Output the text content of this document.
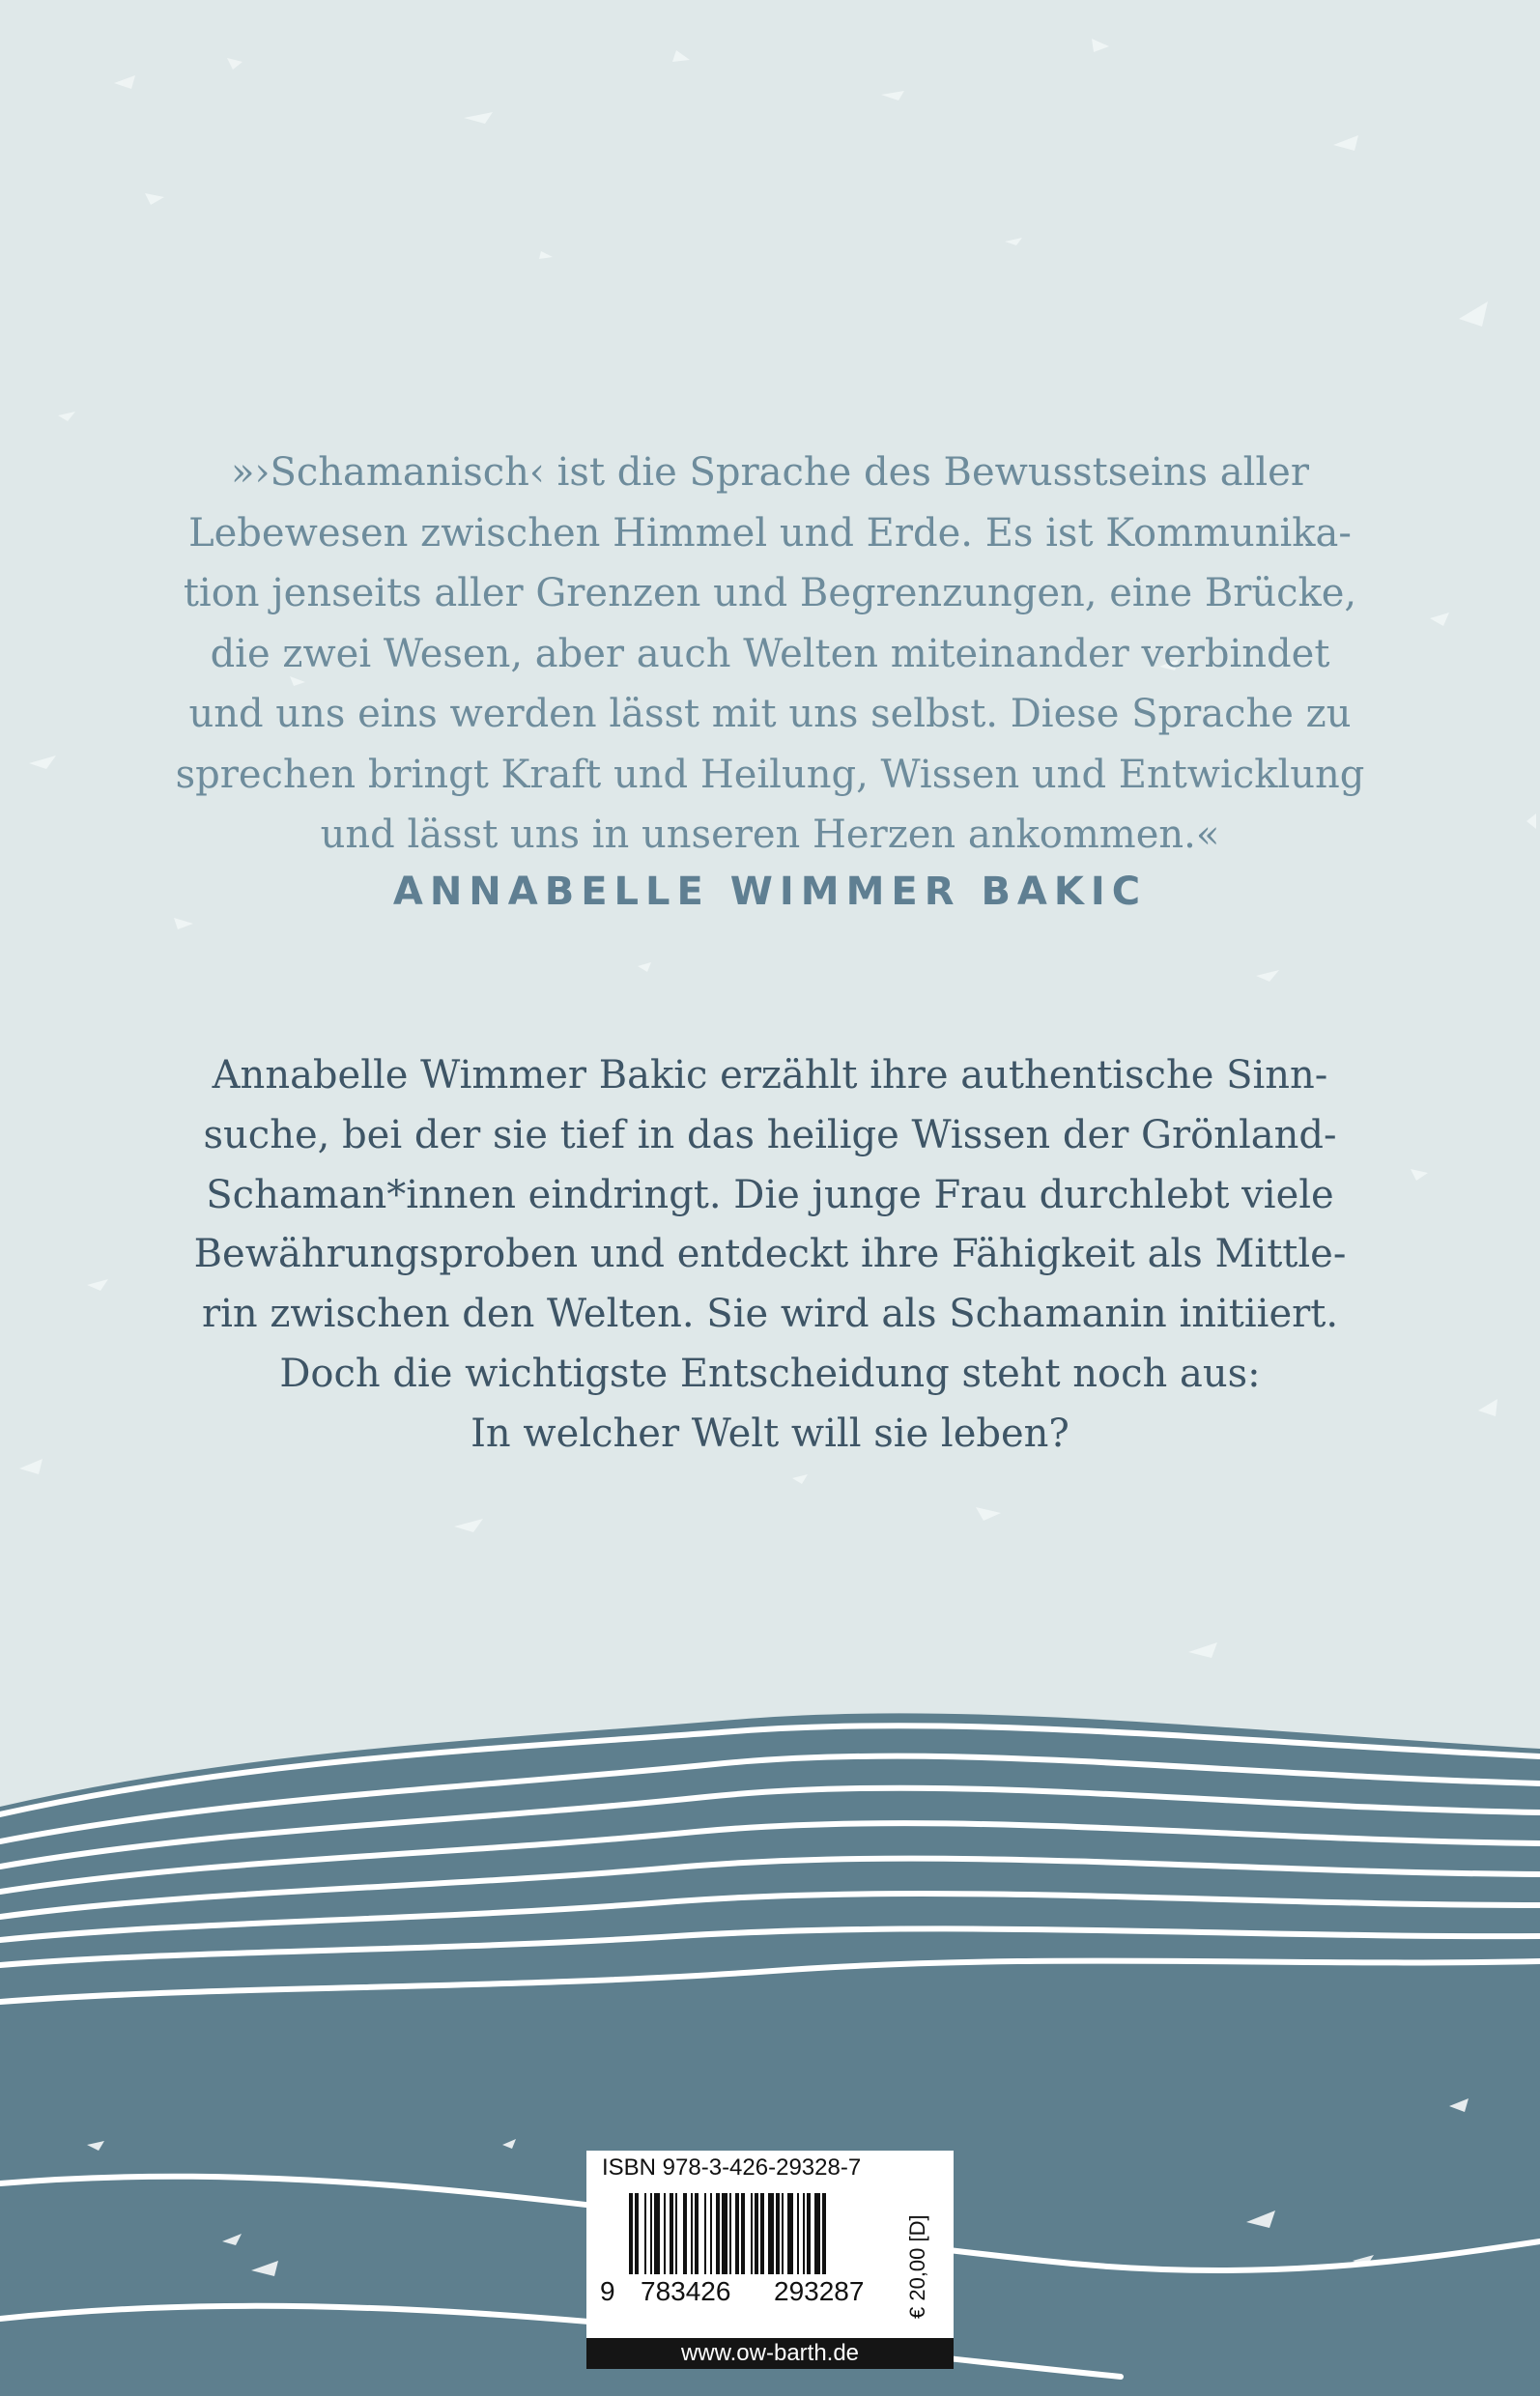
»›Schamanisch‹ ist die Sprache des Bewusstseins aller
Lebewesen zwischen Himmel und Erde. Es ist Kommunika-
tion jenseits aller Grenzen und Begrenzungen, eine Brücke,
die zwei Wesen, aber auch Welten miteinander verbindet
und uns eins werden lässt mit uns selbst. Diese Sprache zu
sprechen bringt Kraft und Heilung, Wissen und Entwicklung
und lässt uns in unseren Herzen ankommen.«

ANNABELLE WIMMER BAKIC

Annabelle Wimmer Bakic erzählt ihre authentische Sinn-
suche, bei der sie tief in das heilige Wissen der Grönland-
Schaman*innen eindringt. Die junge Frau durchlebt viele
Bewährungsproben und entdeckt ihre Fähigkeit als Mittle-
rin zwischen den Welten. Sie wird als Schamanin initiiert.
Doch die wichtigste Entscheidung steht noch aus:
In welcher Welt will sie leben?

ISBN 978-3-426-29328-7
9 783426 293287 € 20,00 [D]
www.ow-barth.de
